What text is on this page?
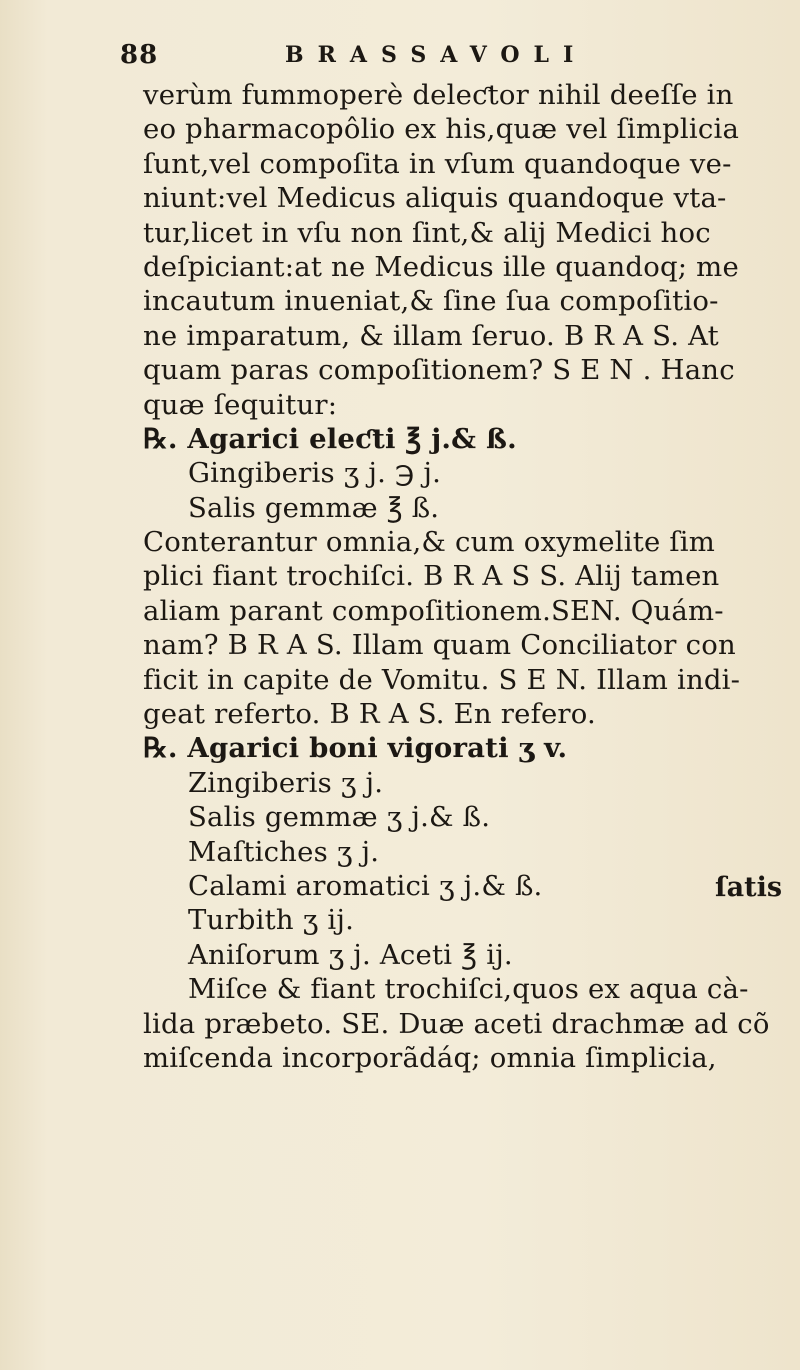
88	BRASSAVOLI
verùm fummoperè deleƈtor nihil deeſſe in
eo pharmacopôlio ex his,quæ vel ſimplicia
ſunt,vel compoſita in vſum quandoque ve-
niunt:vel Medicus aliquis quandoque vta-
tur,licet in vſu non ſint,& alij Medici hoc
deſpiciant:at ne Medicus ille quandoq; me
incautum inueniat,& ſine ſua compoſitio-
ne imparatum, & illam ſeruo. B R A S. At
quam paras compoſitionem? S E N . Hanc
quæ ſequitur:
℞. Agarici eleƈti ℥ j.& ß.
Gingiberis ʒ j. ℈ j.
Salis gemmæ ℥ ß.
Conterantur omnia,& cum oxymelite ſim
plici fiant trochiſci. B R A S S. Alij tamen
aliam parant compoſitionem.SEN. Quám-
nam? B R A S. Illam quam Conciliator con
ficit in capite de Vomitu. S E N. Illam indi-
geat referto. B R A S. En refero.
℞. Agarici boni vigorati ʒ v.
Zingiberis ʒ j.
Salis gemmæ ʒ j.& ß.
Maſtiches ʒ j.
Calami aromatici ʒ j.& ß.
Turbith ʒ ij.
Aniſorum ʒ j. Aceti ℥ ij.
Miſce & fiant trochiſci,quos ex aqua cà-
lida præbeto. SE. Duæ aceti drachmæ ad cõ
miſcenda incorporãdáq; omnia ſimplicia,
ſatis
